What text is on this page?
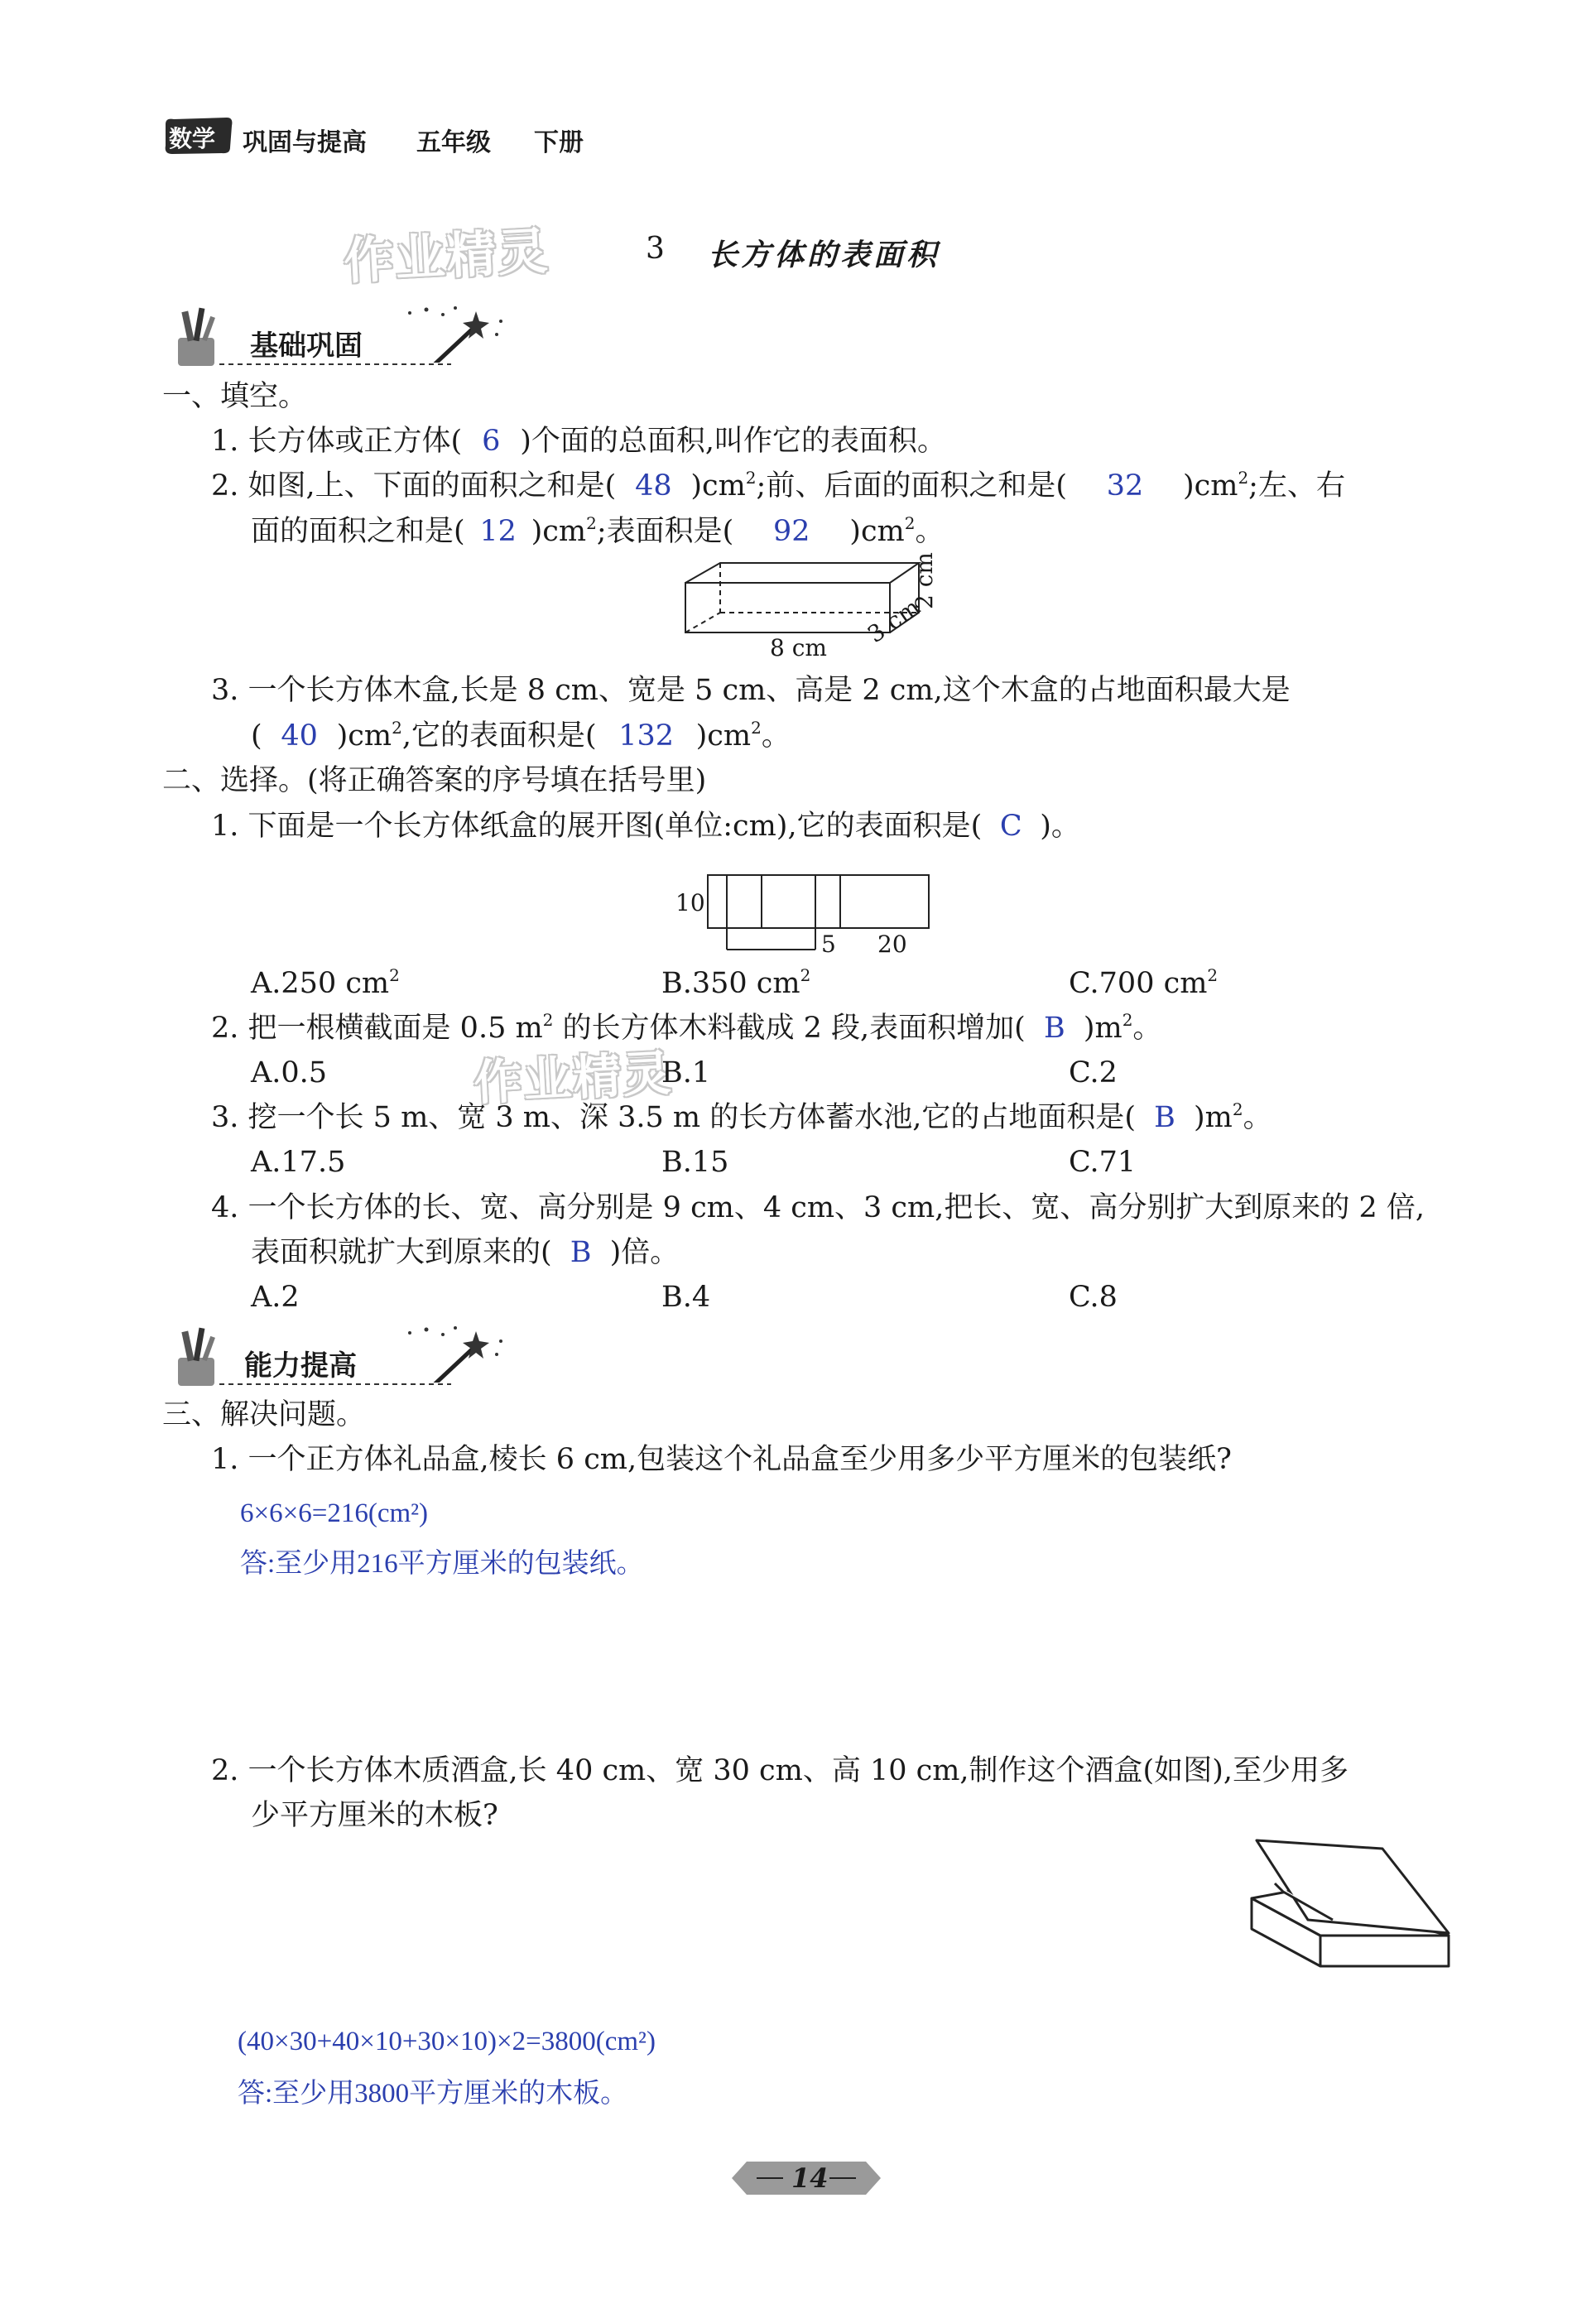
数学 巩固与提高 五年级 下册
作业精灵
作业精灵
3 长方体的表面积
基础巩固
一、填空。
1. 长方体或正方体( 6 )个面的总面积,叫作它的表面积。
2. 如图,上、下面的面积之和是( 48 )$cm^2$;前、后面的面积之和是( 32 )$cm^2$;左、右
面的面积之和是( 12 )$cm^2$;表面积是( 92 )$cm^2$。
8 cm 3 cm
2 cm
3. 一个长方体木盒,长是 8 cm、宽是 5 cm、高是 2 cm,这个木盒的占地面积最大是
( 40 )$cm^2$,它的表面积是( 132 )$cm^2$。
二、选择。(将正确答案的序号填在括号里)
1. 下面是一个长方体纸盒的展开图(单位:cm),它的表面积是( C )。
10
5 20
A.250 $cm^2$	B.350 $cm^2$	C.700 $cm^2$
2. 把一根横截面是 0.5 $m^2$ 的长方体木料截成 2 段,表面积增加( B )$m^2$。
A.0.5	B.1	C.2
3. 挖一个长 5 m、宽 3 m、深 3.5 m 的长方体蓄水池,它的占地面积是( B )$m^2$。
A.17.5	B.15	C.71
4. 一个长方体的长、宽、高分别是 9 cm、4 cm、3 cm,把长、宽、高分别扩大到原来的 2 倍,
表面积就扩大到原来的( B )倍。
A.2	B.4	C.8
能力提高
三、解决问题。
1. 一个正方体礼品盒,棱长 6 cm,包装这个礼品盒至少用多少平方厘米的包装纸?
6×6×6=216(cm²)
答:至少用216平方厘米的包装纸。
2. 一个长方体木质酒盒,长 40 cm、宽 30 cm、高 10 cm,制作这个酒盒(如图),至少用多
少平方厘米的木板?
(40×30+40×10+30×10)×2=3800(cm²)
答:至少用3800平方厘米的木板。
14
